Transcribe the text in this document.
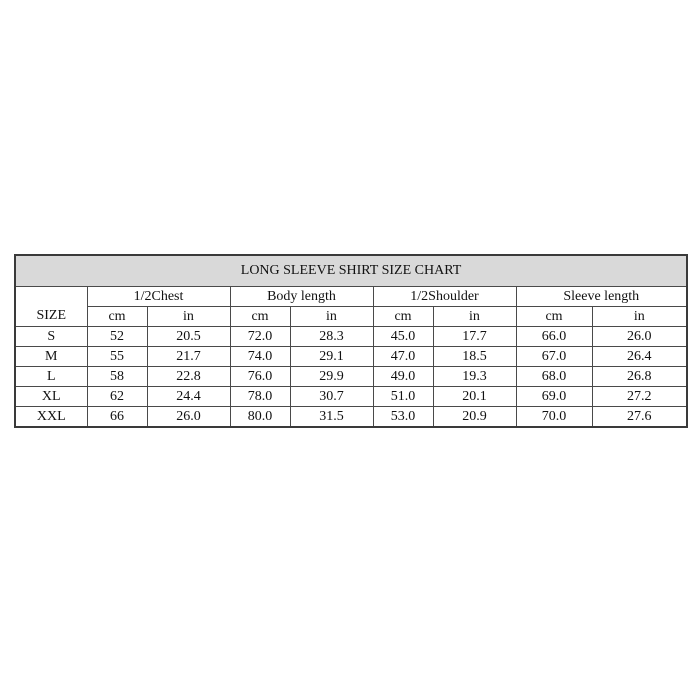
LONG SLEEVE SHIRT SIZE CHART								
	1/2Chest		Body length		1/2Shoulder		Sleeve length	
SIZE	cm	in	cm	in	cm	in	cm	in
S	52	20.5	72.0	28.3	45.0	17.7	66.0	26.0
M	55	21.7	74.0	29.1	47.0	18.5	67.0	26.4
L	58	22.8	76.0	29.9	49.0	19.3	68.0	26.8
XL	62	24.4	78.0	30.7	51.0	20.1	69.0	27.2
XXL	66	26.0	80.0	31.5	53.0	20.9	70.0	27.6
